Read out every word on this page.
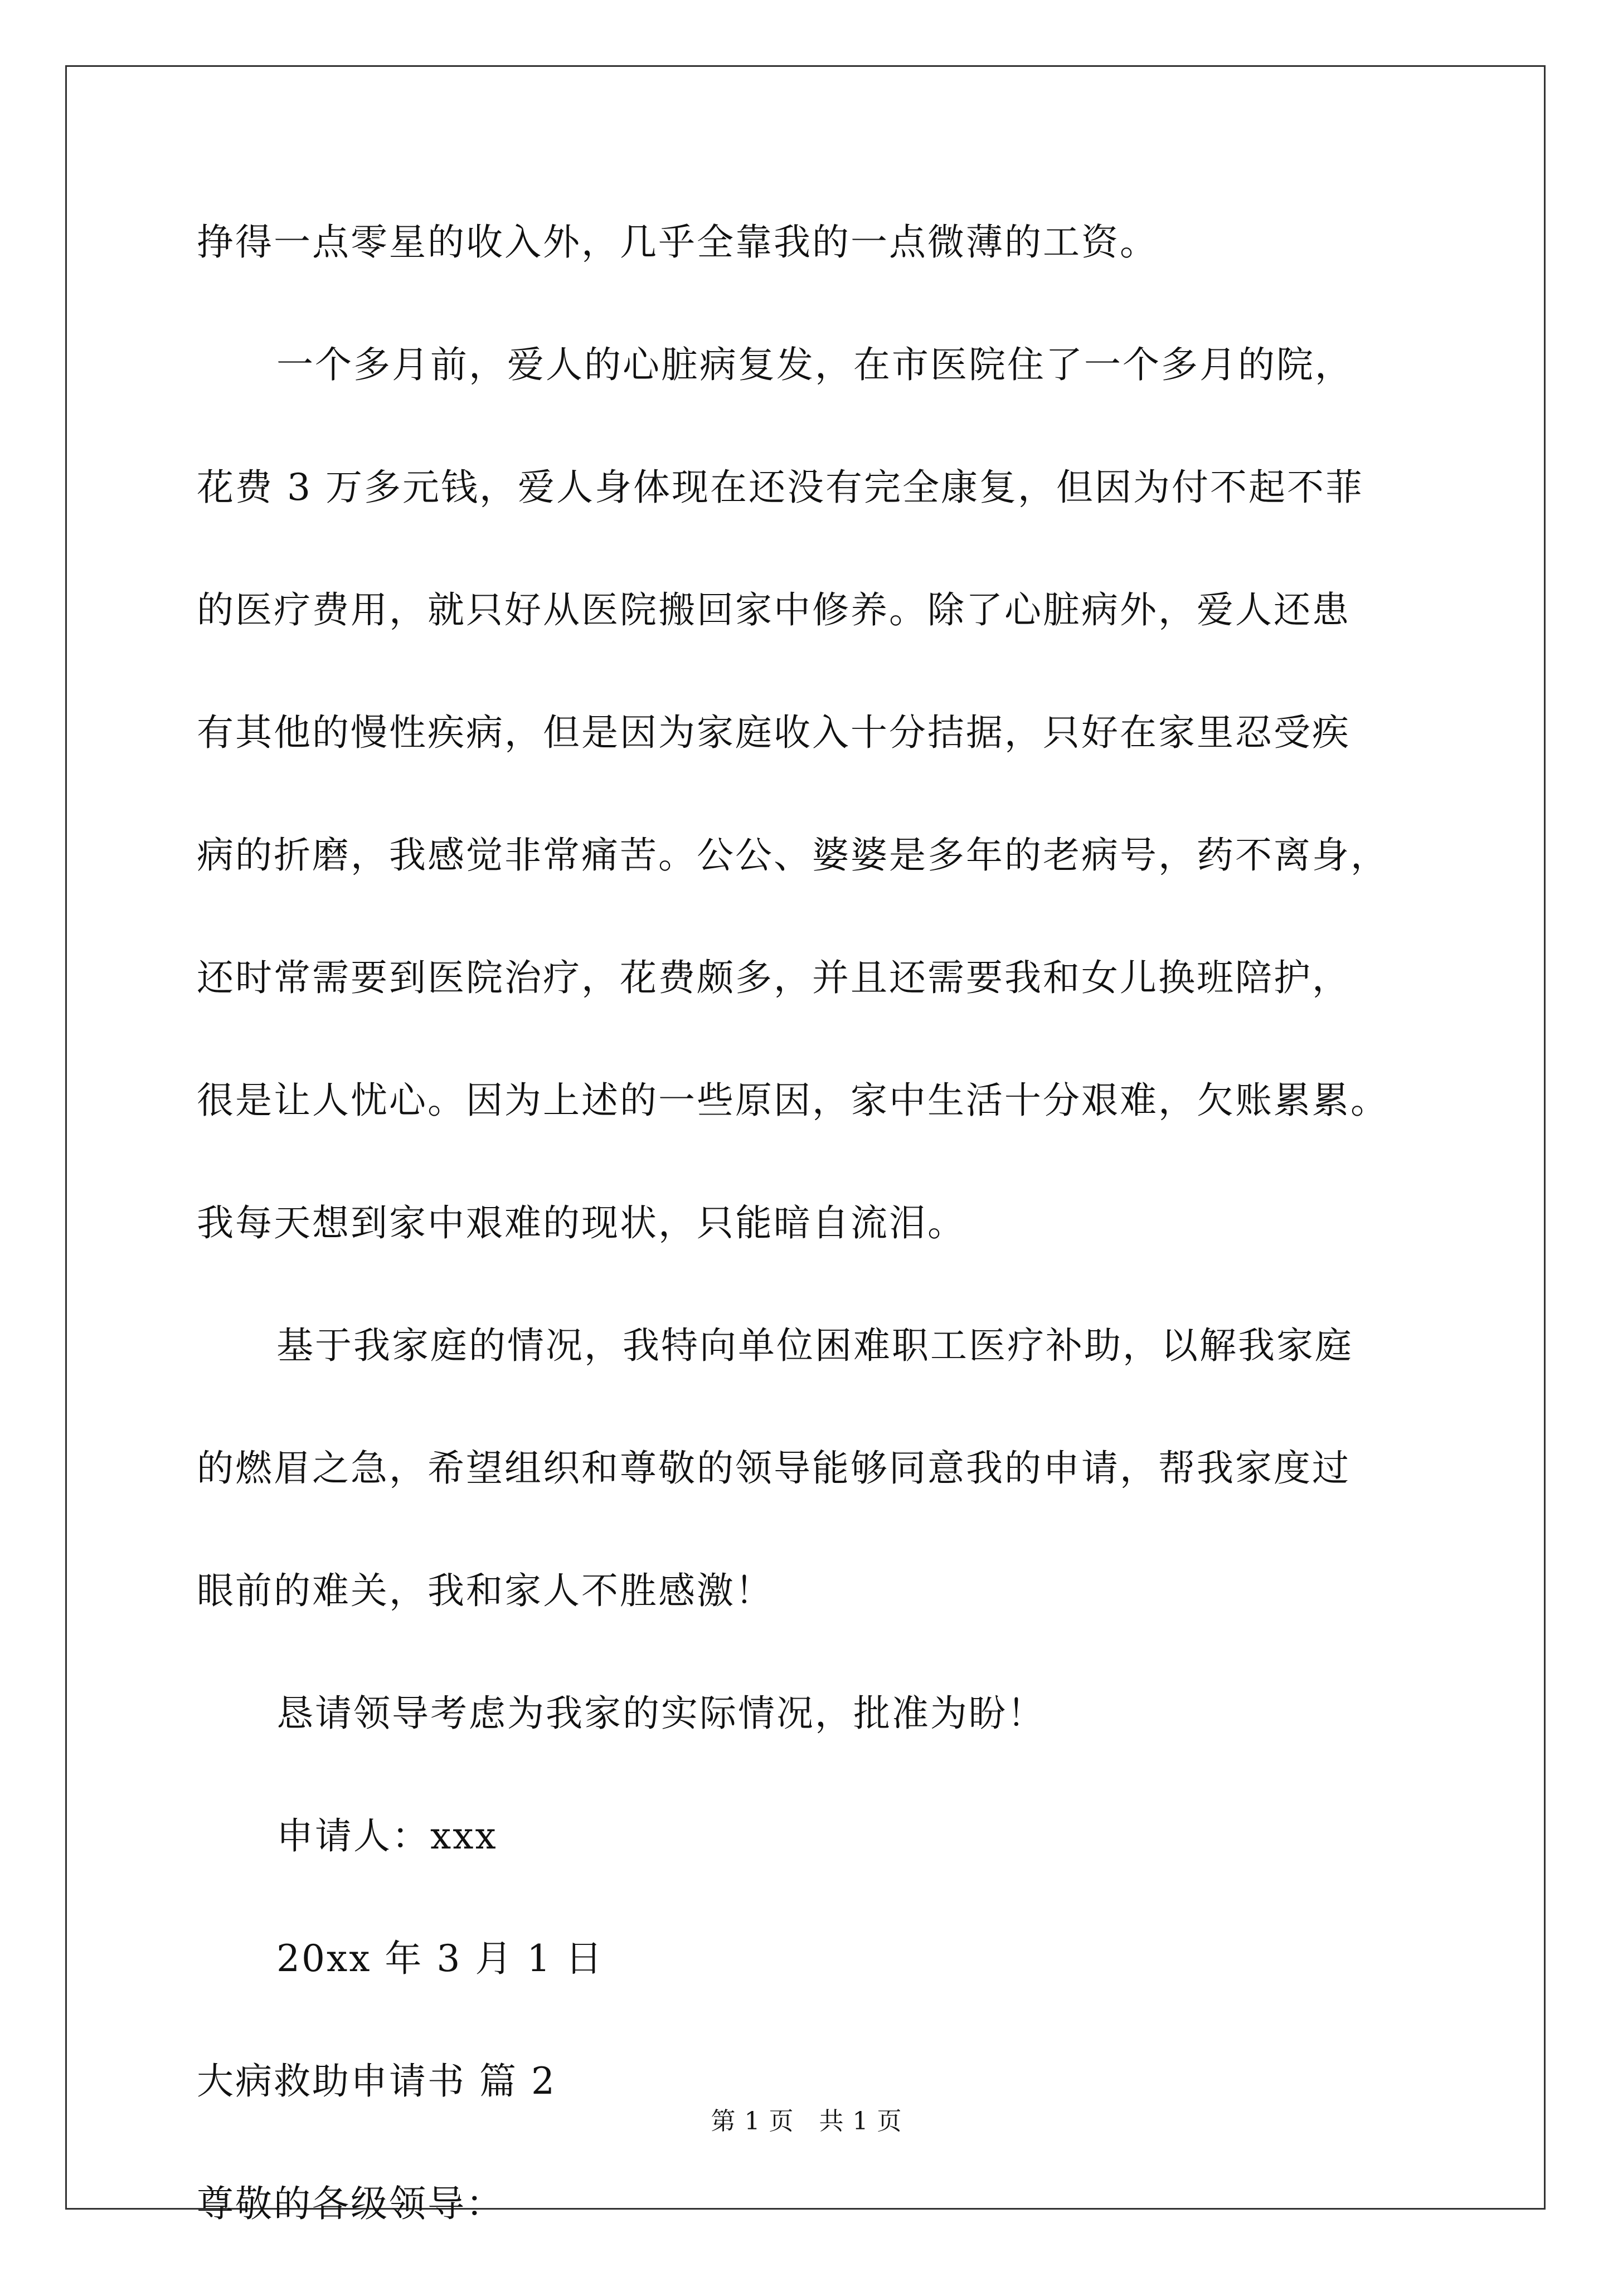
挣得一点零星的收入外，几乎全靠我的一点微薄的工资。
一个多月前，爱人的心脏病复发，在市医院住了一个多月的院，
花费 3 万多元钱，爱人身体现在还没有完全康复，但因为付不起不菲
的医疗费用，就只好从医院搬回家中修养。除了心脏病外，爱人还患
有其他的慢性疾病，但是因为家庭收入十分拮据，只好在家里忍受疾
病的折磨，我感觉非常痛苦。公公、婆婆是多年的老病号，药不离身，
还时常需要到医院治疗，花费颇多，并且还需要我和女儿换班陪护，
很是让人忧心。因为上述的一些原因，家中生活十分艰难，欠账累累。
我每天想到家中艰难的现状，只能暗自流泪。
基于我家庭的情况，我特向单位困难职工医疗补助，以解我家庭
的燃眉之急，希望组织和尊敬的领导能够同意我的申请，帮我家度过
眼前的难关，我和家人不胜感激！
恳请领导考虑为我家的实际情况，批准为盼！
申请人：xxx
20xx 年 3 月 1 日
大病救助申请书 篇 2
尊敬的各级领导：
第 1 页   共 1 页
